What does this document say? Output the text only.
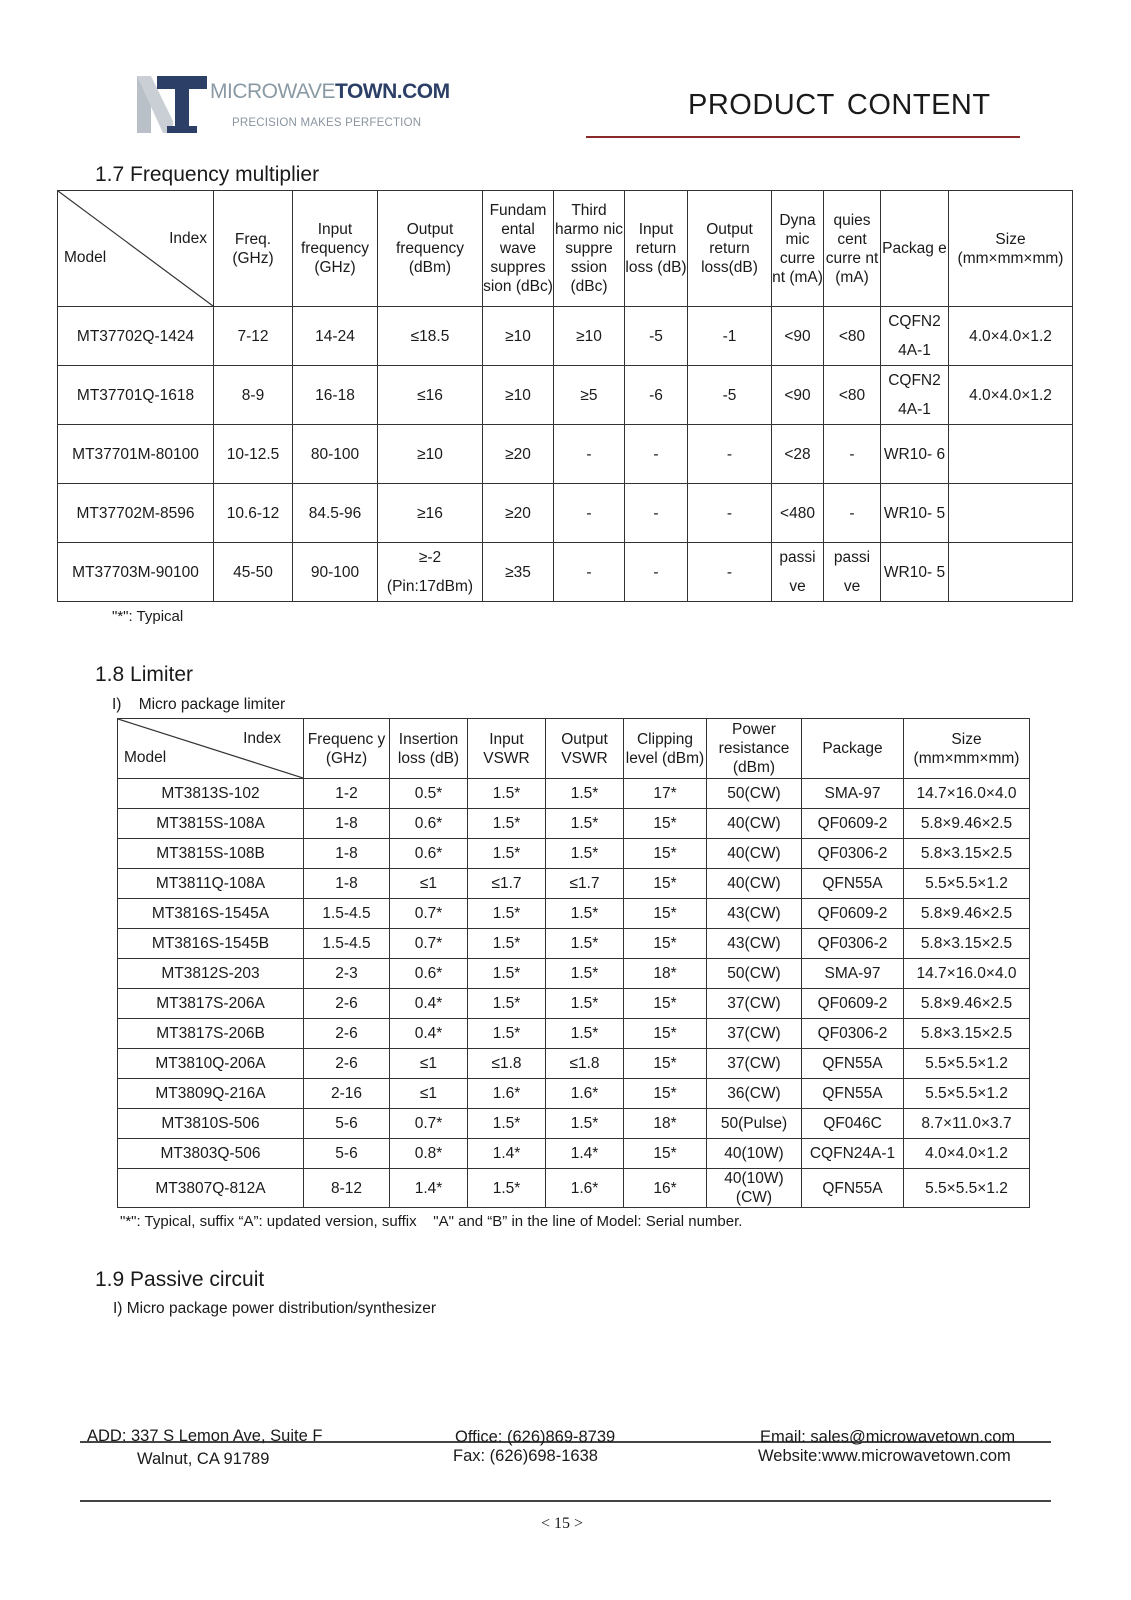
MICROWAVETOWN.COM
PRECISION MAKES PERFECTION
PRODUCT CONTENT
1.7 Frequency multiplier
Index
Model	Freq. (GHz)	Input frequency (GHz)	Output frequency (dBm)	Fundam ental wave suppres sion (dBc)	Third harmo nic suppre ssion (dBc)	Input return loss (dB)	Output return loss(dB)	Dyna mic curre nt (mA)	quies cent curre nt (mA)	Packag e	Size (mm×mm×mm)
MT37702Q-1424	7-12	14-24	≤18.5	≥10	≥10	-5	-1	<90	<80	CQFN2 4A-1	4.0×4.0×1.2
MT37701Q-1618	8-9	16-18	≤16	≥10	≥5	-6	-5	<90	<80	CQFN2 4A-1	4.0×4.0×1.2
MT37701M-80100	10-12.5	80-100	≥10	≥20	-	-	-	<28	-	WR10- 6	
MT37702M-8596	10.6-12	84.5-96	≥16	≥20	-	-	-	<480	-	WR10- 5	
MT37703M-90100	45-50	90-100	≥-2 (Pin:17dBm)	≥35	-	-	-	passi ve	passi ve	WR10- 5	
"*": Typical
1.8 Limiter
I)    Micro package limiter
Index
Model	Frequenc y (GHz)	Insertion loss (dB)	Input VSWR	Output VSWR	Clipping level (dBm)	Power resistance (dBm)	Package	Size (mm×mm×mm)
MT3813S-102	1-2	0.5*	1.5*	1.5*	17*	50(CW)	SMA-97	14.7×16.0×4.0
MT3815S-108A	1-8	0.6*	1.5*	1.5*	15*	40(CW)	QF0609-2	5.8×9.46×2.5
MT3815S-108B	1-8	0.6*	1.5*	1.5*	15*	40(CW)	QF0306-2	5.8×3.15×2.5
MT3811Q-108A	1-8	≤1	≤1.7	≤1.7	15*	40(CW)	QFN55A	5.5×5.5×1.2
MT3816S-1545A	1.5-4.5	0.7*	1.5*	1.5*	15*	43(CW)	QF0609-2	5.8×9.46×2.5
MT3816S-1545B	1.5-4.5	0.7*	1.5*	1.5*	15*	43(CW)	QF0306-2	5.8×3.15×2.5
MT3812S-203	2-3	0.6*	1.5*	1.5*	18*	50(CW)	SMA-97	14.7×16.0×4.0
MT3817S-206A	2-6	0.4*	1.5*	1.5*	15*	37(CW)	QF0609-2	5.8×9.46×2.5
MT3817S-206B	2-6	0.4*	1.5*	1.5*	15*	37(CW)	QF0306-2	5.8×3.15×2.5
MT3810Q-206A	2-6	≤1	≤1.8	≤1.8	15*	37(CW)	QFN55A	5.5×5.5×1.2
MT3809Q-216A	2-16	≤1	1.6*	1.6*	15*	36(CW)	QFN55A	5.5×5.5×1.2
MT3810S-506	5-6	0.7*	1.5*	1.5*	18*	50(Pulse)	QF046C	8.7×11.0×3.7
MT3803Q-506	5-6	0.8*	1.4*	1.4*	15*	40(10W)	CQFN24A-1	4.0×4.0×1.2
MT3807Q-812A	8-12	1.4*	1.5*	1.6*	16*	40(10W) (CW)	QFN55A	5.5×5.5×1.2
"*": Typical, suffix “A”: updated version, suffix    "A" and “B” in the line of Model: Serial number.
1.9 Passive circuit
I) Micro package power distribution/synthesizer
ADD: 337 S Lemon Ave, Suite F
Walnut, CA 91789
Office: (626)869-8739
Fax: (626)698-1638
Email: sales@microwavetown.com
Website:www.microwavetown.com
< 15 >
